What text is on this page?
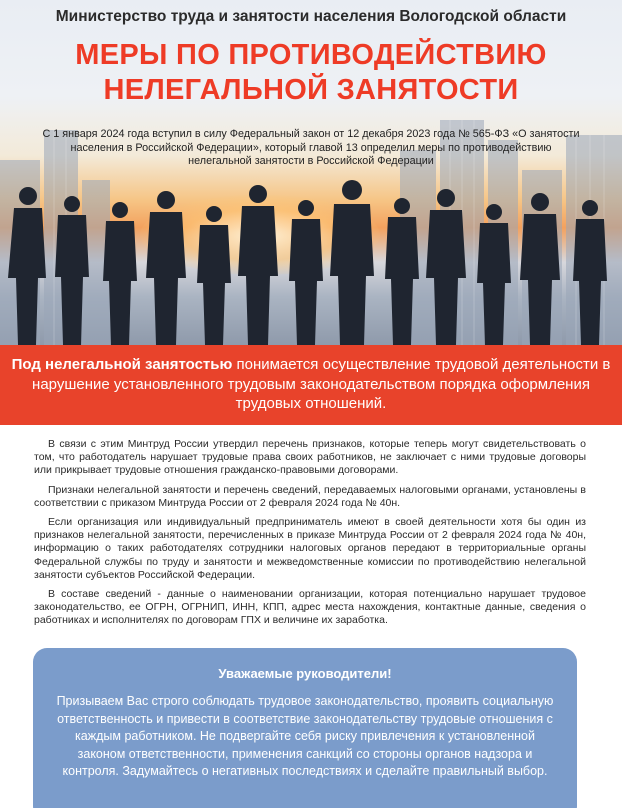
Министерство труда и занятости населения Вологодской области
МЕРЫ ПО ПРОТИВОДЕЙСТВИЮ
НЕЛЕГАЛЬНОЙ ЗАНЯТОСТИ
С 1 января 2024 года вступил в силу Федеральный закон от 12 декабря 2023 года № 565-ФЗ «О занятости населения в Российской Федерации», который главой 13 определил меры по противодействию нелегальной занятости в Российской Федерации
Под нелегальной занятостью понимается осуществление трудовой деятельности в нарушение установленного трудовым законодательством порядка оформления трудовых отношений.

В связи с этим Минтруд России утвердил перечень признаков, которые теперь могут свидетельствовать о том, что работодатель нарушает трудовые права своих работников, не заключает с ними трудовые договоры или прикрывает трудовые отношения гражданско-правовыми договорами.

Признаки нелегальной занятости и перечень сведений, передаваемых налоговыми органами, установлены в соответствии с приказом Минтруда России от 2 февраля 2024 года № 40н.

Если организация или индивидуальный предприниматель имеют в своей деятельности хотя бы один из признаков нелегальной занятости, перечисленных в приказе Минтруда России от 2 февраля 2024 года № 40н, информацию о таких работодателях сотрудники налоговых органов передают в территориальные органы Федеральной службы по труду и занятости и межведомственные комиссии по противодействию нелегальной занятости субъектов Российской Федерации.

В составе сведений - данные о наименовании организации, которая потенциально нарушает трудовое законодательство, ее ОГРН, ОГРНИП, ИНН, КПП, адрес места нахождения, контактные данные, сведения о работниках и исполнителях по договорам ГПХ и величине их заработка.

Уважаемые руководители!
Призываем Вас строго соблюдать трудовое законодательство, проявить социальную ответственность и привести в соответствие законодательству трудовые отношения с каждым работником. Не подвергайте себя риску привлечения к установленной законом ответственности, применения санкций со стороны органов надзора и контроля. Задумайтесь о негативных последствиях и сделайте правильный выбор.
